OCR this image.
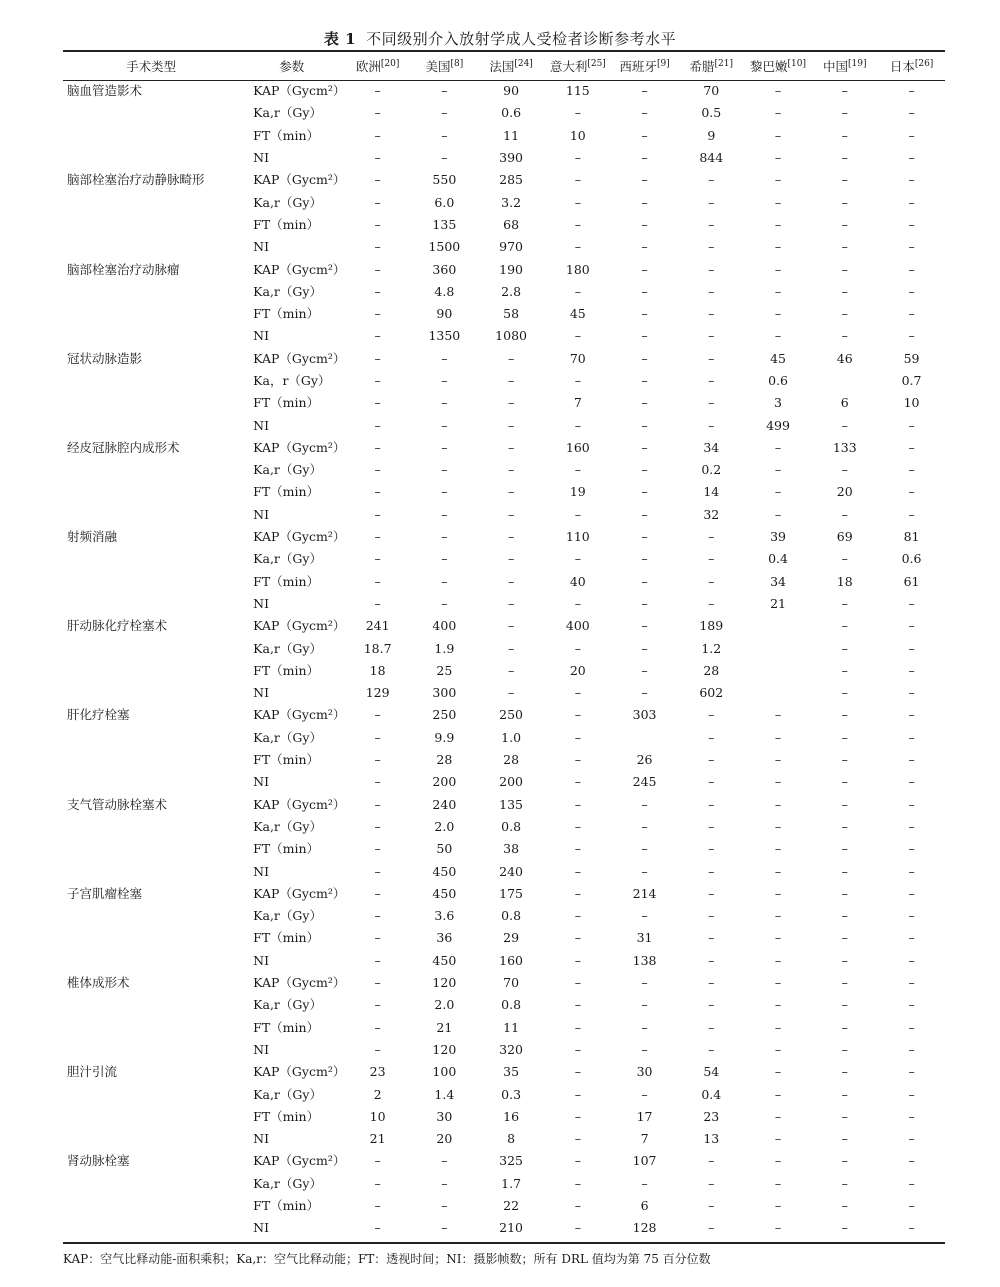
表 1 不同级别介入放射学成人受检者诊断参考水平
手术类型	参数	欧洲[20]	美国[8]	法国[24]	意大利[25]	西班牙[9]	希腊[21]	黎巴嫩[10]	中国[19]	日本[26]
脑血管造影术	KAP（Gycm²）	–	–	90	115	–	70	–	–	–
	Ka,r（Gy）	–	–	0.6	–	–	0.5	–	–	–
	FT（min）	–	–	11	10	–	9	–	–	–
	NI	–	–	390	–	–	844	–	–	–
脑部栓塞治疗动静脉畸形	KAP（Gycm²）	–	550	285	–	–	–	–	–	–
	Ka,r（Gy）	–	6.0	3.2	–	–	–	–	–	–
	FT（min）	–	135	68	–	–	–	–	–	–
	NI	–	1500	970	–	–	–	–	–	–
脑部栓塞治疗动脉瘤	KAP（Gycm²）	–	360	190	180	–	–	–	–	–
	Ka,r（Gy）	–	4.8	2.8	–	–	–	–	–	–
	FT（min）	–	90	58	45	–	–	–	–	–
	NI	–	1350	1080	–	–	–	–	–	–
冠状动脉造影	KAP（Gycm²）	–	–	–	70	–	–	45	46	59
	Ka，r（Gy）	–	–	–	–	–	–	0.6		0.7
	FT（min）	–	–	–	7	–	–	3	6	10
	NI	–	–	–	–	–	–	499	–	–
经皮冠脉腔内成形术	KAP（Gycm²）	–	–	–	160	–	34	–	133	–
	Ka,r（Gy）	–	–	–	–	–	0.2	–	–	–
	FT（min）	–	–	–	19	–	14	–	20	–
	NI	–	–	–	–	–	32	–	–	–
射频消融	KAP（Gycm²）	–	–	–	110	–	–	39	69	81
	Ka,r（Gy）	–	–	–	–	–	–	0.4	–	0.6
	FT（min）	–	–	–	40	–	–	34	18	61
	NI	–	–	–	–	–	–	21	–	–
肝动脉化疗栓塞术	KAP（Gycm²）	241	400	–	400	–	189		–	–
	Ka,r（Gy）	18.7	1.9	–	–	–	1.2		–	–
	FT（min）	18	25	–	20	–	28		–	–
	NI	129	300	–	–	–	602		–	–
肝化疗栓塞	KAP（Gycm²）	–	250	250	–	303	–	–	–	–
	Ka,r（Gy）	–	9.9	1.0	–		–	–	–	–
	FT（min）	–	28	28	–	26	–	–	–	–
	NI	–	200	200	–	245	–	–	–	–
支气管动脉栓塞术	KAP（Gycm²）	–	240	135	–	–	–	–	–	–
	Ka,r（Gy）	–	2.0	0.8	–	–	–	–	–	–
	FT（min）	–	50	38	–	–	–	–	–	–
	NI	–	450	240	–	–	–	–	–	–
子宫肌瘤栓塞	KAP（Gycm²）	–	450	175	–	214	–	–	–	–
	Ka,r（Gy）	–	3.6	0.8	–	–	–	–	–	–
	FT（min）	–	36	29	–	31	–	–	–	–
	NI	–	450	160	–	138	–	–	–	–
椎体成形术	KAP（Gycm²）	–	120	70	–	–	–	–	–	–
	Ka,r（Gy）	–	2.0	0.8	–	–	–	–	–	–
	FT（min）	–	21	11	–	–	–	–	–	–
	NI	–	120	320	–	–	–	–	–	–
胆汁引流	KAP（Gycm²）	23	100	35	–	30	54	–	–	–
	Ka,r（Gy）	2	1.4	0.3	–	–	0.4	–	–	–
	FT（min）	10	30	16	–	17	23	–	–	–
	NI	21	20	8	–	7	13	–	–	–
肾动脉栓塞	KAP（Gycm²）	–	–	325	–	107	–	–	–	–
	Ka,r（Gy）	–	–	1.7	–	–	–	–	–	–
	FT（min）	–	–	22	–	6	–	–	–	–
	NI	–	–	210	–	128	–	–	–	–
KAP：空气比释动能-面积乘积；Ka,r：空气比释动能；FT：透视时间；NI：摄影帧数；所有 DRL 值均为第 75 百分位数
